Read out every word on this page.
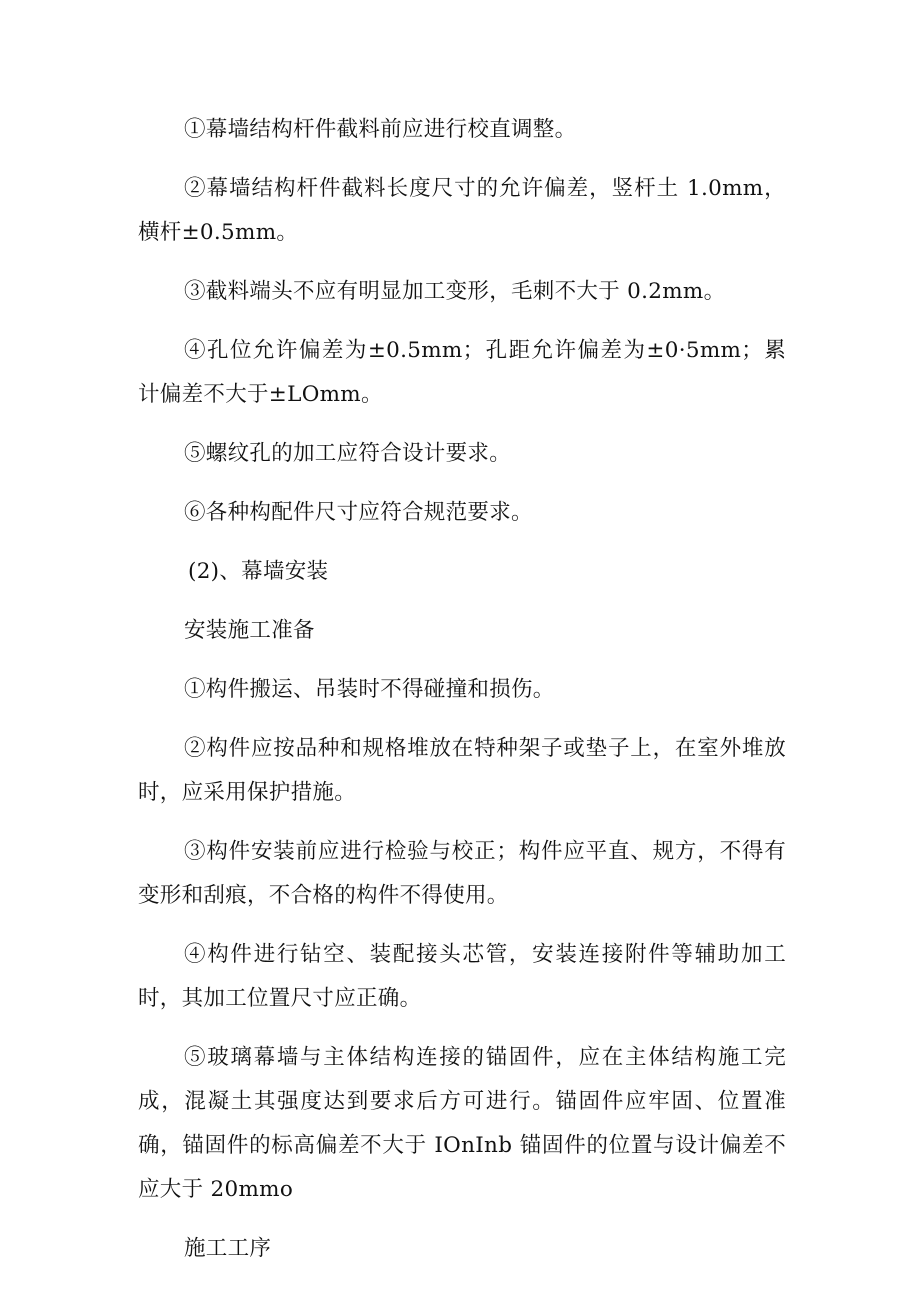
①幕墙结构杆件截料前应进行校直调整。

②幕墙结构杆件截料长度尺寸的允许偏差，竖杆土 1.0mm，横杆±0.5mm。

③截料端头不应有明显加工变形，毛刺不大于 0.2mm。

④孔位允许偏差为±0.5mm；孔距允许偏差为±0·5mm；累计偏差不大于±LOmm。

⑤螺纹孔的加工应符合设计要求。

⑥各种构配件尺寸应符合规范要求。

(2)、幕墙安装

安装施工准备

①构件搬运、吊装时不得碰撞和损伤。

②构件应按品种和规格堆放在特种架子或垫子上，在室外堆放时，应采用保护措施。

③构件安装前应进行检验与校正；构件应平直、规方，不得有变形和刮痕，不合格的构件不得使用。

④构件进行钻空、装配接头芯管，安装连接附件等辅助加工时，其加工位置尺寸应正确。

⑤玻璃幕墙与主体结构连接的锚固件，应在主体结构施工完成，混凝土其强度达到要求后方可进行。锚固件应牢固、位置准确，锚固件的标高偏差不大于 IOnInb 锚固件的位置与设计偏差不应大于 20mmo

施工工序
